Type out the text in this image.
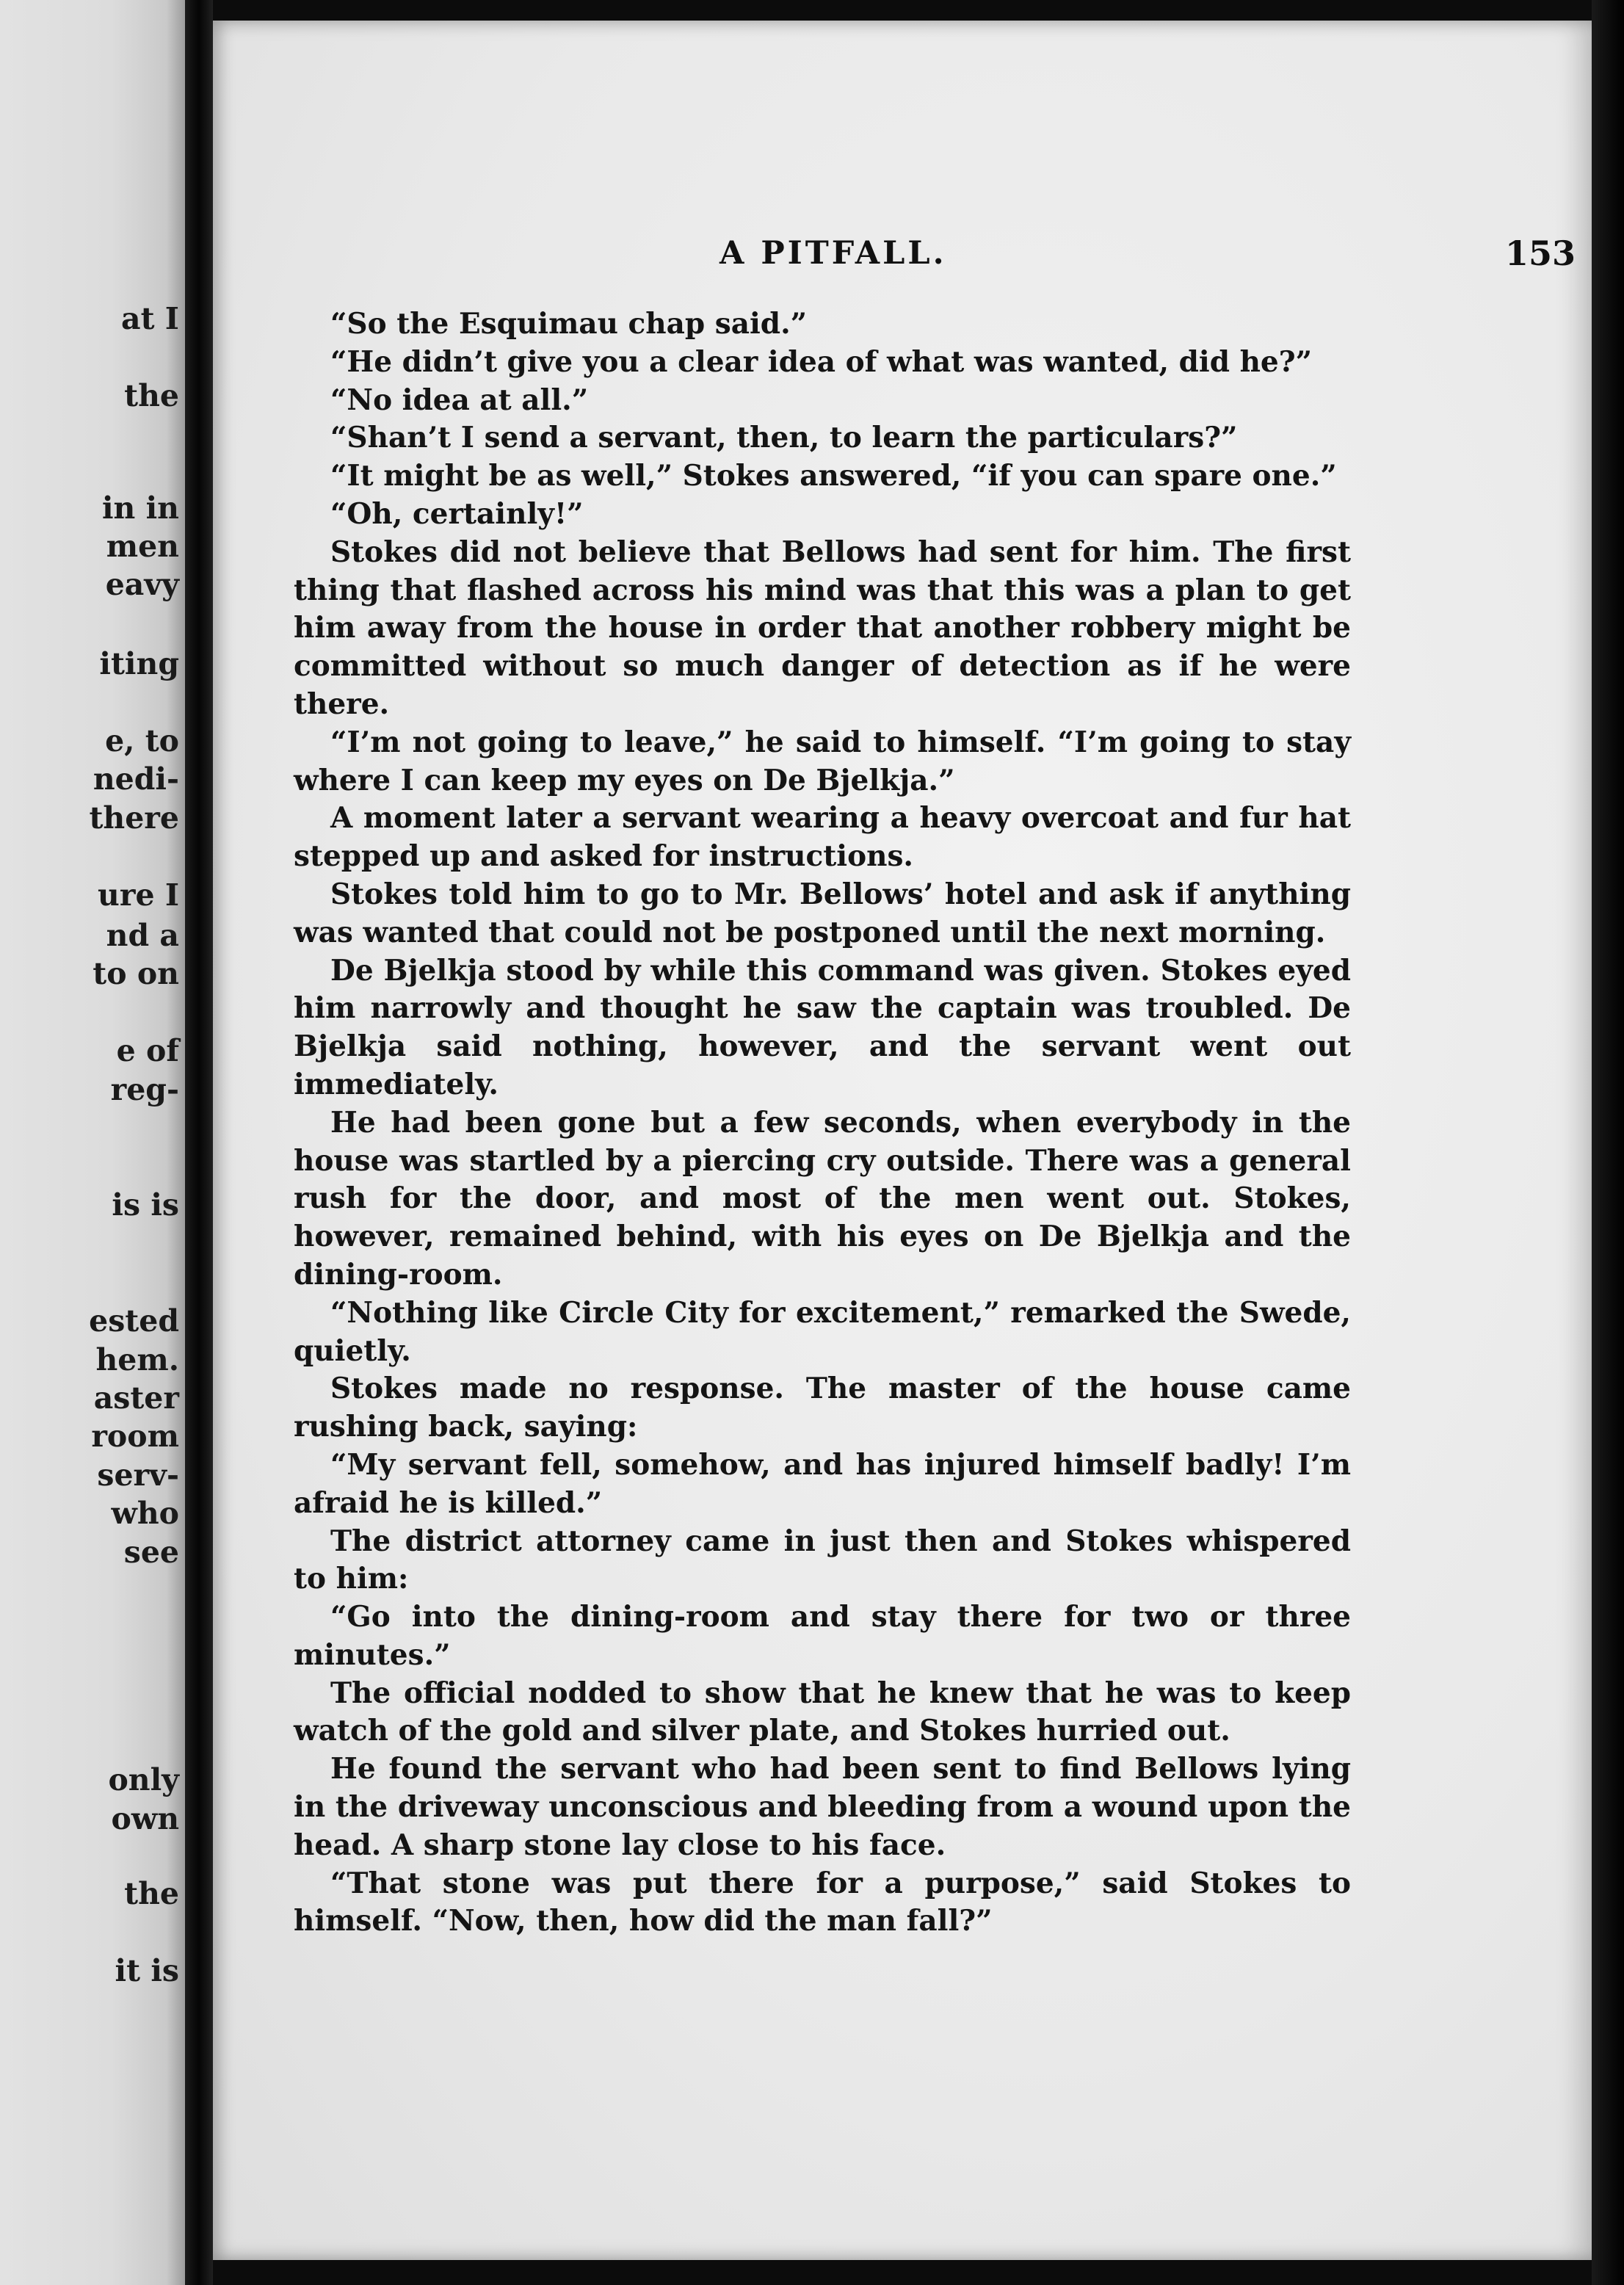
at I
the
in in
men
eavy
iting
e, to
nedi-
there
ure I
nd a
to on
e of
reg-
is is
ested
hem.
aster
room
serv-
who
see
only
own
the
it is
A PITFALL.	153

“So the Esquimau chap said.”

“He didn’t give you a clear idea of what was wanted, did he?”

“No idea at all.”

“Shan’t I send a servant, then, to learn the particulars?”

“It might be as well,” Stokes answered, “if you can spare one.”

“Oh, certainly!”

Stokes did not believe that Bellows had sent for him. The first thing that flashed across his mind was that this was a plan to get him away from the house in order that another robbery might be committed without so much danger of detection as if he were there.

“I’m not going to leave,” he said to himself. “I’m going to stay where I can keep my eyes on De Bjelkja.”

A moment later a servant wearing a heavy overcoat and fur hat stepped up and asked for instructions.

Stokes told him to go to Mr. Bellows’ hotel and ask if anything was wanted that could not be postponed until the next morning.

De Bjelkja stood by while this command was given. Stokes eyed him narrowly and thought he saw the captain was troubled. De Bjelkja said nothing, however, and the servant went out immediately.

He had been gone but a few seconds, when everybody in the house was startled by a piercing cry outside. There was a general rush for the door, and most of the men went out. Stokes, however, remained behind, with his eyes on De Bjelkja and the dining-room.

“Nothing like Circle City for excitement,” remarked the Swede, quietly.

Stokes made no response. The master of the house came rushing back, saying:

“My servant fell, somehow, and has injured himself badly! I’m afraid he is killed.”

The district attorney came in just then and Stokes whispered to him:

“Go into the dining-room and stay there for two or three minutes.”

The official nodded to show that he knew that he was to keep watch of the gold and silver plate, and Stokes hurried out.

He found the servant who had been sent to find Bellows lying in the driveway unconscious and bleeding from a wound upon the head. A sharp stone lay close to his face.

“That stone was put there for a purpose,” said Stokes to himself. “Now, then, how did the man fall?”
